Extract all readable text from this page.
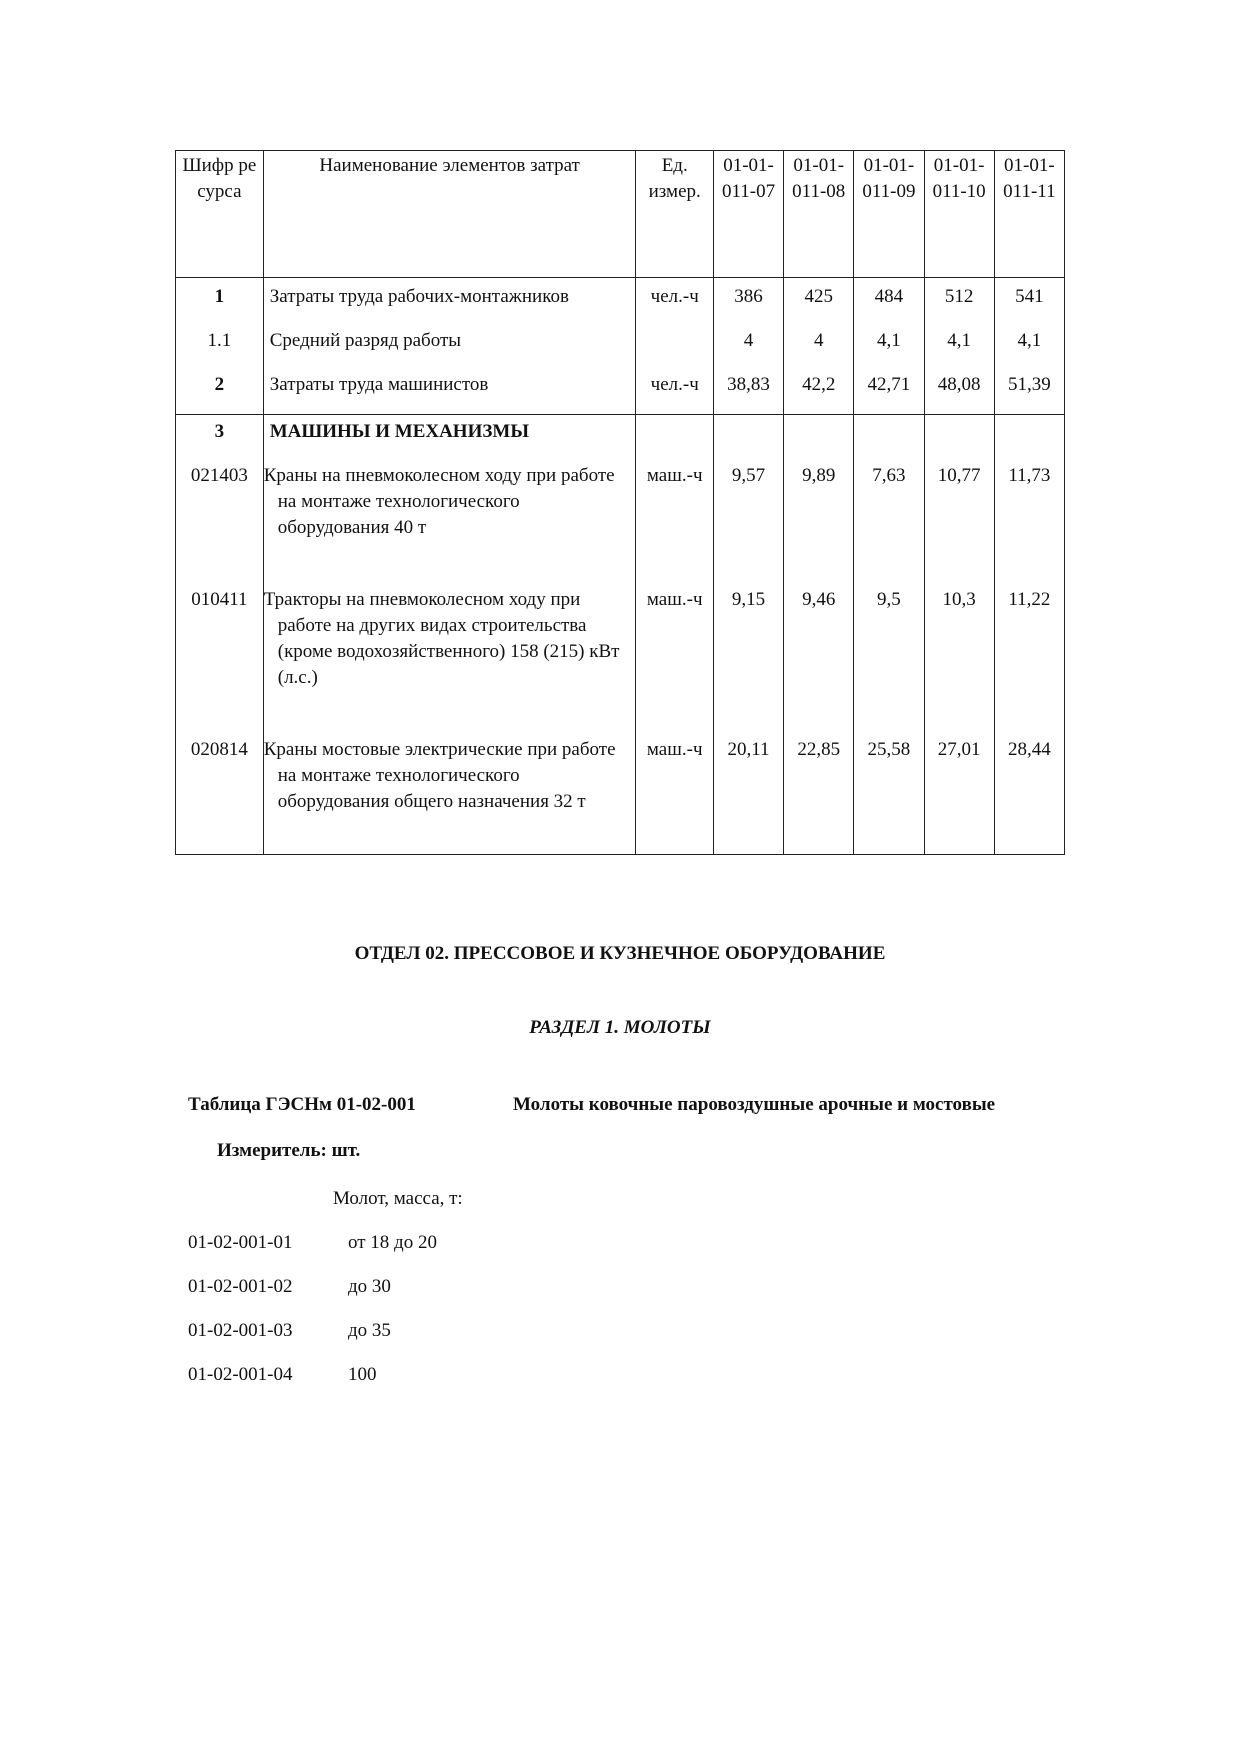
Шифр ресурса	Наименование элементов затрат	Ед. измер.	01-01-011-07	01-01-011-08	01-01-011-09	01-01-011-10	01-01-011-11
1	Затраты труда рабочих-монтажников	чел.-ч	386	425	484	512	541
1.1	Средний разряд работы		4	4	4,1	4,1	4,1
2	Затраты труда машинистов	чел.-ч	38,83	42,2	42,71	48,08	51,39
3	МАШИНЫ И МЕХАНИЗМЫ						
021403	Краны на пневмоколесном ходу при работе на монтаже технологического оборудования 40 т	маш.-ч	9,57	9,89	7,63	10,77	11,73
010411	Тракторы на пневмоколесном ходу при работе на других видах строительства (кроме водохозяйственного) 158 (215) кВт (л.с.)	маш.-ч	9,15	9,46	9,5	10,3	11,22
020814	Краны мостовые электрические при работе на монтаже технологического оборудования общего назначения 32 т	маш.-ч	20,11	22,85	25,58	27,01	28,44
ОТДЕЛ 02. ПРЕССОВОЕ И КУЗНЕЧНОЕ ОБОРУДОВАНИЕ
РАЗДЕЛ 1. МОЛОТЫ
Таблица ГЭСНм 01-02-001	Молоты ковочные паровоздушные арочные и мостовые
Измеритель: шт.
Молот, масса, т:
01-02-001-01	от 18 до 20
01-02-001-02	до 30
01-02-001-03	до 35
01-02-001-04	100
